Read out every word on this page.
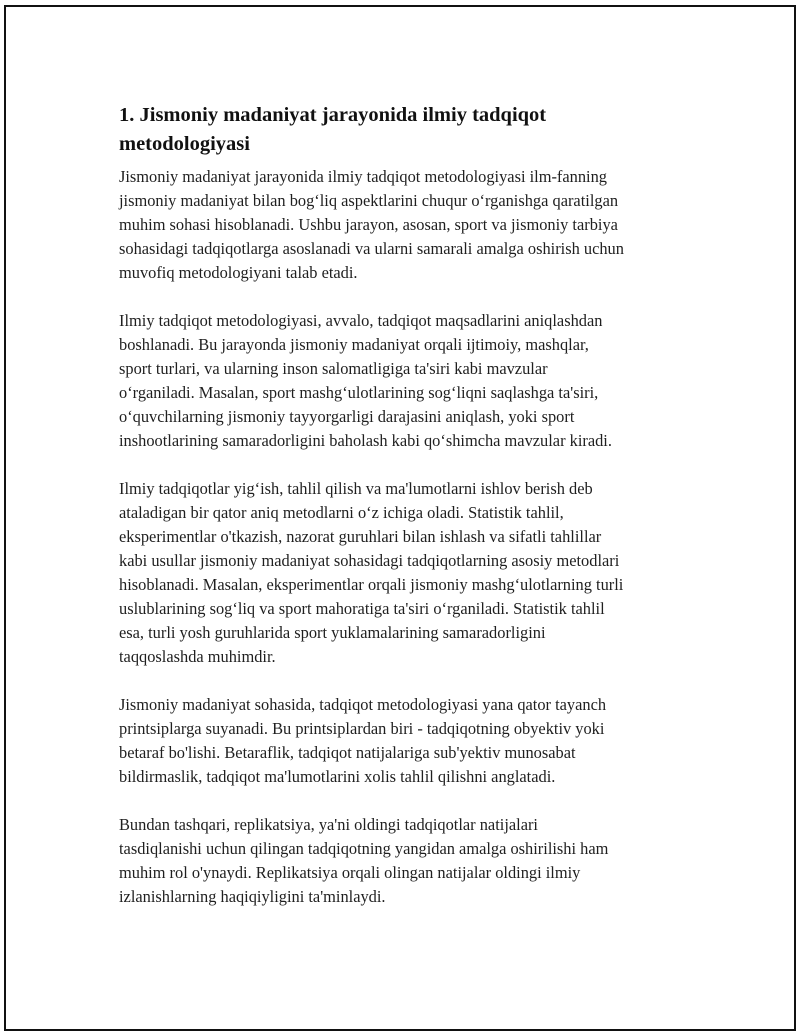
1. Jismoniy madaniyat jarayonida ilmiy tadqiqot
metodologiyasi

Jismoniy madaniyat jarayonida ilmiy tadqiqot metodologiyasi ilm-fanning
jismoniy madaniyat bilan bog‘liq aspektlarini chuqur o‘rganishga qaratilgan
muhim sohasi hisoblanadi. Ushbu jarayon, asosan, sport va jismoniy tarbiya
sohasidagi tadqiqotlarga asoslanadi va ularni samarali amalga oshirish uchun
muvofiq metodologiyani talab etadi.

Ilmiy tadqiqot metodologiyasi, avvalo, tadqiqot maqsadlarini aniqlashdan
boshlanadi. Bu jarayonda jismoniy madaniyat orqali ijtimoiy, mashqlar,
sport turlari, va ularning inson salomatligiga ta'siri kabi mavzular
o‘rganiladi. Masalan, sport mashg‘ulotlarining sog‘liqni saqlashga ta'siri,
o‘quvchilarning jismoniy tayyorgarligi darajasini aniqlash, yoki sport
inshootlarining samaradorligini baholash kabi qo‘shimcha mavzular kiradi.

Ilmiy tadqiqotlar yig‘ish, tahlil qilish va ma'lumotlarni ishlov berish deb
ataladigan bir qator aniq metodlarni o‘z ichiga oladi. Statistik tahlil,
eksperimentlar o'tkazish, nazorat guruhlari bilan ishlash va sifatli tahlillar
kabi usullar jismoniy madaniyat sohasidagi tadqiqotlarning asosiy metodlari
hisoblanadi. Masalan, eksperimentlar orqali jismoniy mashg‘ulotlarning turli
uslublarining sog‘liq va sport mahoratiga ta'siri o‘rganiladi. Statistik tahlil
esa, turli yosh guruhlarida sport yuklamalarining samaradorligini
taqqoslashda muhimdir.

Jismoniy madaniyat sohasida, tadqiqot metodologiyasi yana qator tayanch
printsiplarga suyanadi. Bu printsiplardan biri - tadqiqotning obyektiv yoki
betaraf bo'lishi. Betaraflik, tadqiqot natijalariga sub'yektiv munosabat
bildirmaslik, tadqiqot ma'lumotlarini xolis tahlil qilishni anglatadi.

Bundan tashqari, replikatsiya, ya'ni oldingi tadqiqotlar natijalari
tasdiqlanishi uchun qilingan tadqiqotning yangidan amalga oshirilishi ham
muhim rol o'ynaydi. Replikatsiya orqali olingan natijalar oldingi ilmiy
izlanishlarning haqiqiyligini ta'minlaydi.
